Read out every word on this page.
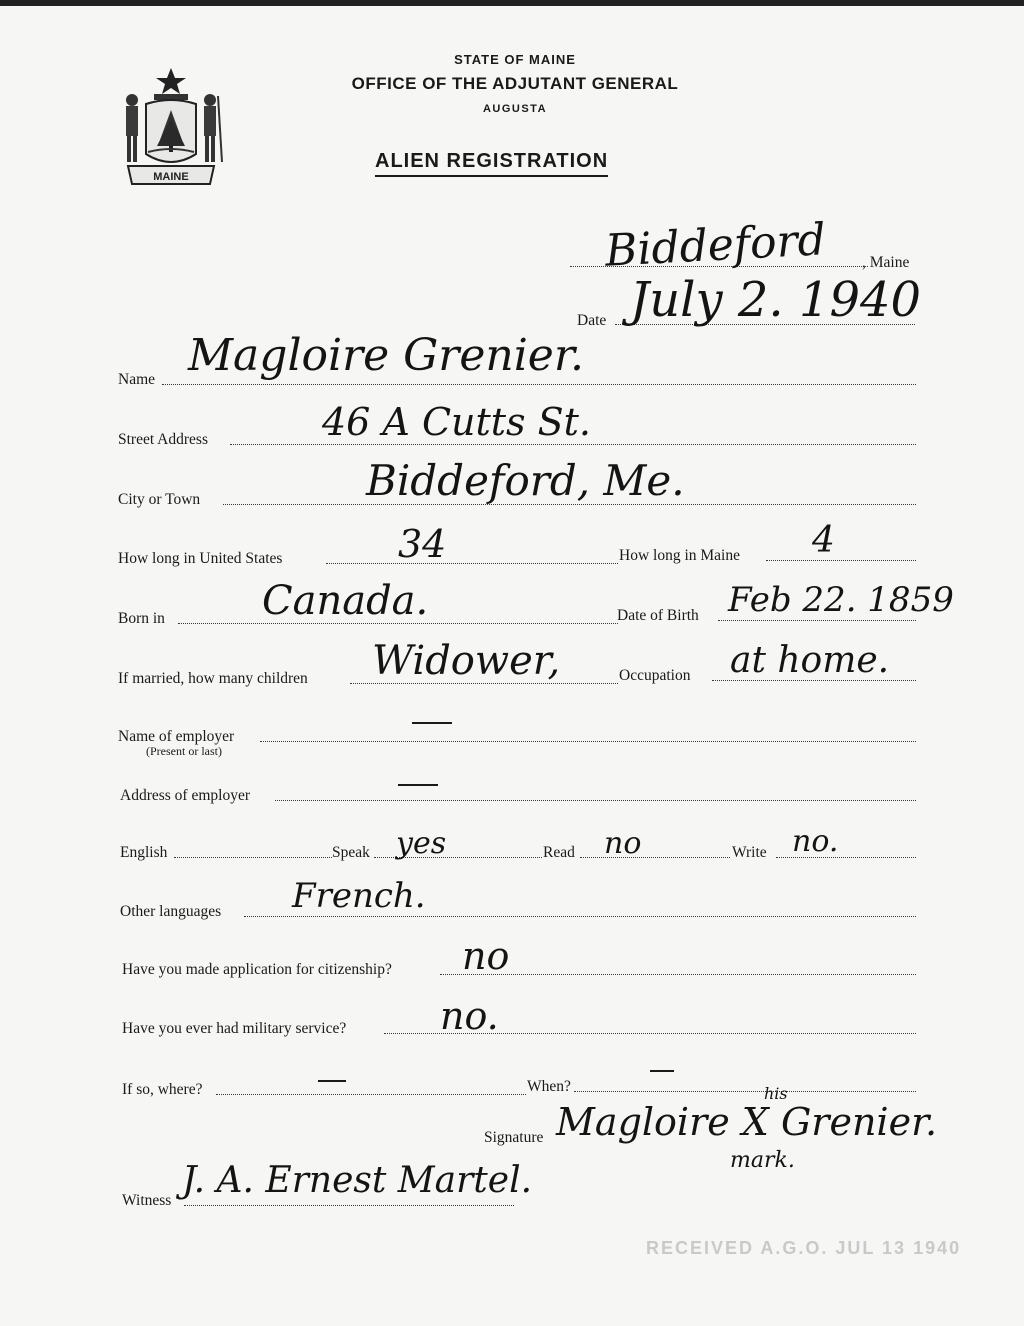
MAINE
STATE OF MAINE
OFFICE OF THE ADJUTANT GENERAL
AUGUSTA
ALIEN REGISTRATION
Biddeford , Maine
Date July 2. 1940
Name Magloire Grenier.
Street Address	46 A Cutts St.
City or Town	Biddeford, Me.
How long in United States	34	How long in Maine 4
Born in Canada.	Date of Birth Feb 22. 1859
If married, how many children Widower,	Occupation at home.
Name of employer
(Present or last)
Address of employer
English	Speak yes	Read no	Write no.
Other languages French.
Have you made application for citizenship? no
Have you ever had military service? no.
If so, where?	When?
Signature
his
Magloire X Grenier.
mark.
Witness J. A. Ernest Martel.
RECEIVED A.G.O. JUL 13 1940
